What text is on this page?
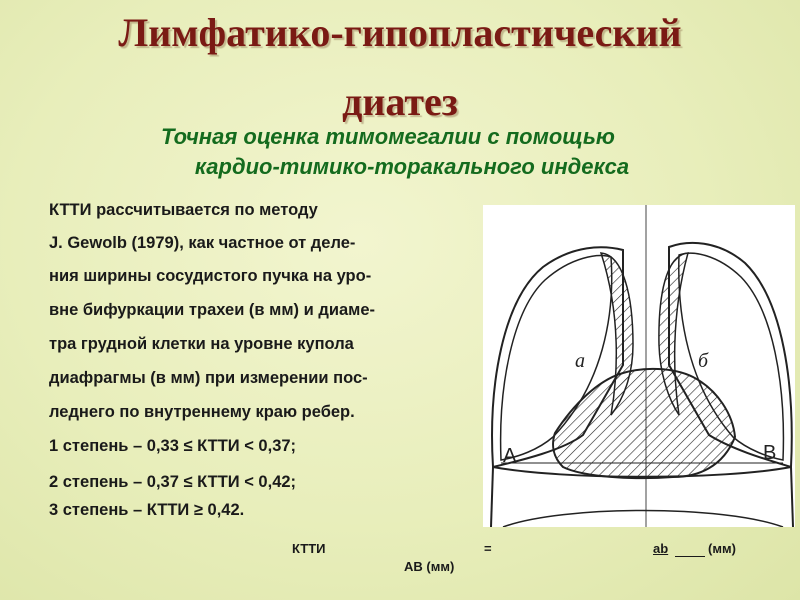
Лимфатико-гипопластический
диатез

Точная оценка тимомегалии с помощью

кардио-тимико-торакального индекса

КТТИ рассчитывается по методу

J. Gewolb (1979), как частное от деле-

ния ширины сосудистого пучка на уро-

вне бифуркации трахеи (в мм) и диаме-

тра грудной клетки на уровне купола

диафрагмы (в мм) при измерении пос-

леднего по внутреннему краю ребер.

1 степень – 0,33 ≤ КТТИ < 0,37;

2 степень – 0,37 ≤ КТТИ < 0,42;

3 степень – КТТИ ≥ 0,42.

a	б
A	B
КТТИ	=	ab	(мм)
AB (мм)
